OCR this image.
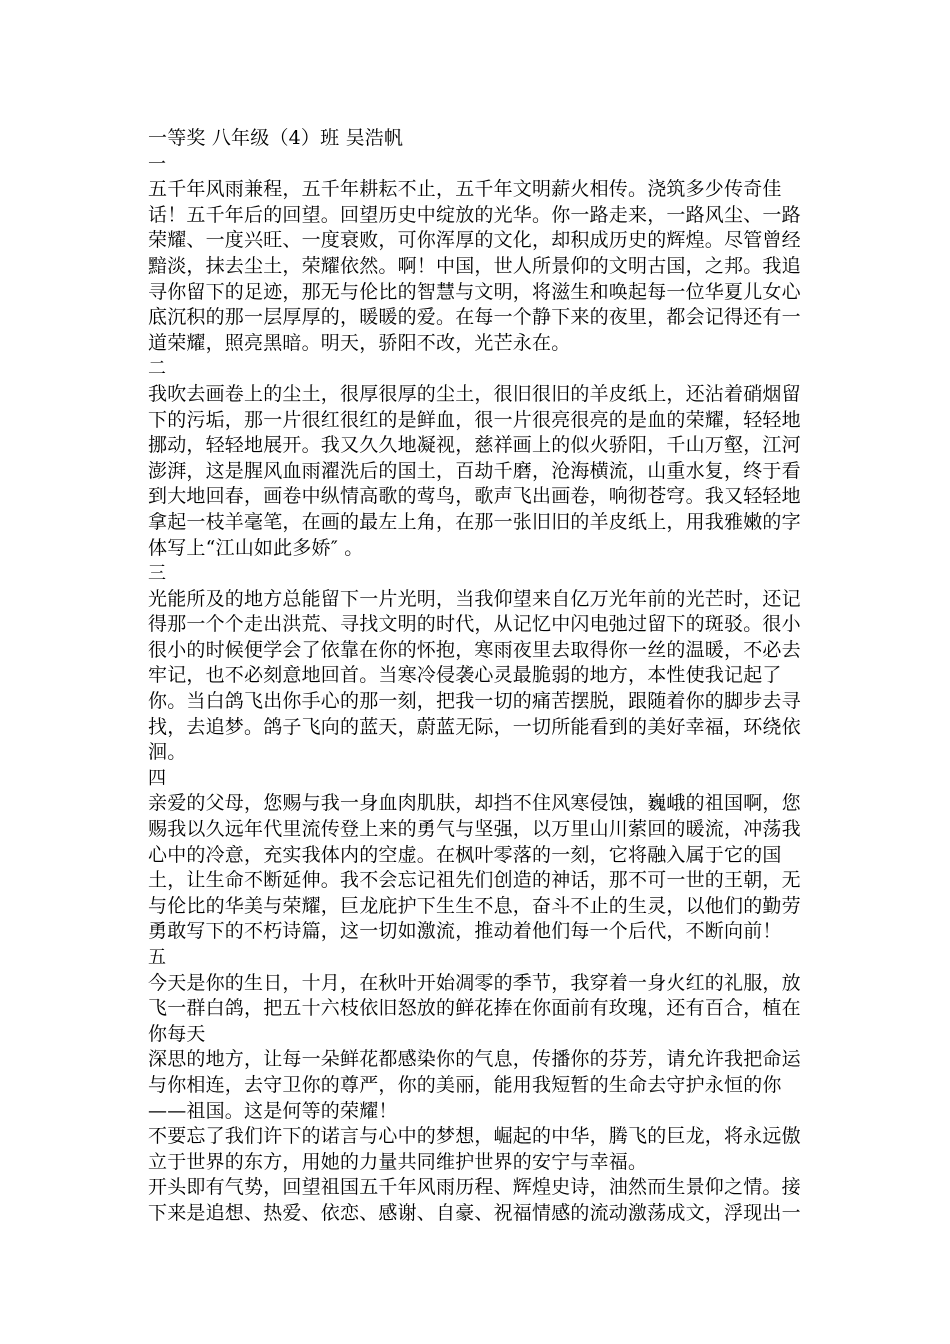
一等奖 八年级（4）班 吴浩帆
一
五千年风雨兼程，五千年耕耘不止，五千年文明薪火相传。浇筑多少传奇佳
话！五千年后的回望。回望历史中绽放的光华。你一路走来，一路风尘、一路
荣耀、一度兴旺、一度衰败，可你浑厚的文化，却积成历史的辉煌。尽管曾经
黯淡，抹去尘土，荣耀依然。啊！中国，世人所景仰的文明古国，之邦。我追
寻你留下的足迹，那无与伦比的智慧与文明，将滋生和唤起每一位华夏儿女心
底沉积的那一层厚厚的，暖暖的爱。在每一个静下来的夜里，都会记得还有一
道荣耀，照亮黑暗。明天，骄阳不改，光芒永在。
二
我吹去画卷上的尘土，很厚很厚的尘土，很旧很旧的羊皮纸上，还沾着硝烟留
下的污垢，那一片很红很红的是鲜血，很一片很亮很亮的是血的荣耀，轻轻地
挪动，轻轻地展开。我又久久地凝视，慈祥画上的似火骄阳，千山万壑，江河
澎湃，这是腥风血雨濯洗后的国土，百劫千磨，沧海横流，山重水复，终于看
到大地回春，画卷中纵情高歌的莺鸟，歌声飞出画卷，响彻苍穹。我又轻轻地
拿起一枝羊毫笔，在画的最左上角，在那一张旧旧的羊皮纸上，用我雅嫩的字
体写上“江山如此多娇″ 。
三
光能所及的地方总能留下一片光明，当我仰望来自亿万光年前的光芒时，还记
得那一个个走出洪荒、寻找文明的时代，从记忆中闪电弛过留下的斑驳。很小
很小的时候便学会了依靠在你的怀抱，寒雨夜里去取得你一丝的温暖，不必去
牢记，也不必刻意地回首。当寒冷侵袭心灵最脆弱的地方，本性使我记起了
你。当白鸽飞出你手心的那一刻，把我一切的痛苦摆脱，跟随着你的脚步去寻
找，去追梦。鸽子飞向的蓝天，蔚蓝无际，一切所能看到的美好幸福，环绕依
洄。
四
亲爱的父母，您赐与我一身血肉肌肤，却挡不住风寒侵蚀，巍峨的祖国啊，您
赐我以久远年代里流传登上来的勇气与坚强，以万里山川萦回的暖流，冲荡我
心中的冷意，充实我体内的空虚。在枫叶零落的一刻，它将融入属于它的国
土，让生命不断延伸。我不会忘记祖先们创造的神话，那不可一世的王朝，无
与伦比的华美与荣耀，巨龙庇护下生生不息，奋斗不止的生灵，以他们的勤劳
勇敢写下的不朽诗篇，这一切如激流，推动着他们每一个后代，不断向前！
五
今天是你的生日，十月，在秋叶开始凋零的季节，我穿着一身火红的礼服，放
飞一群白鸽，把五十六枝依旧怒放的鲜花捧在你面前有玫瑰，还有百合，植在
你每天
深思的地方，让每一朵鲜花都感染你的气息，传播你的芬芳，请允许我把命运
与你相连，去守卫你的尊严，你的美丽，能用我短暂的生命去守护永恒的你
——祖国。这是何等的荣耀！
不要忘了我们许下的诺言与心中的梦想，崛起的中华，腾飞的巨龙，将永远傲
立于世界的东方，用她的力量共同维护世界的安宁与幸福。
开头即有气势，回望祖国五千年风雨历程、辉煌史诗，油然而生景仰之情。接
下来是追想、热爱、依恋、感谢、自豪、祝福情感的流动激荡成文，浮现出一
